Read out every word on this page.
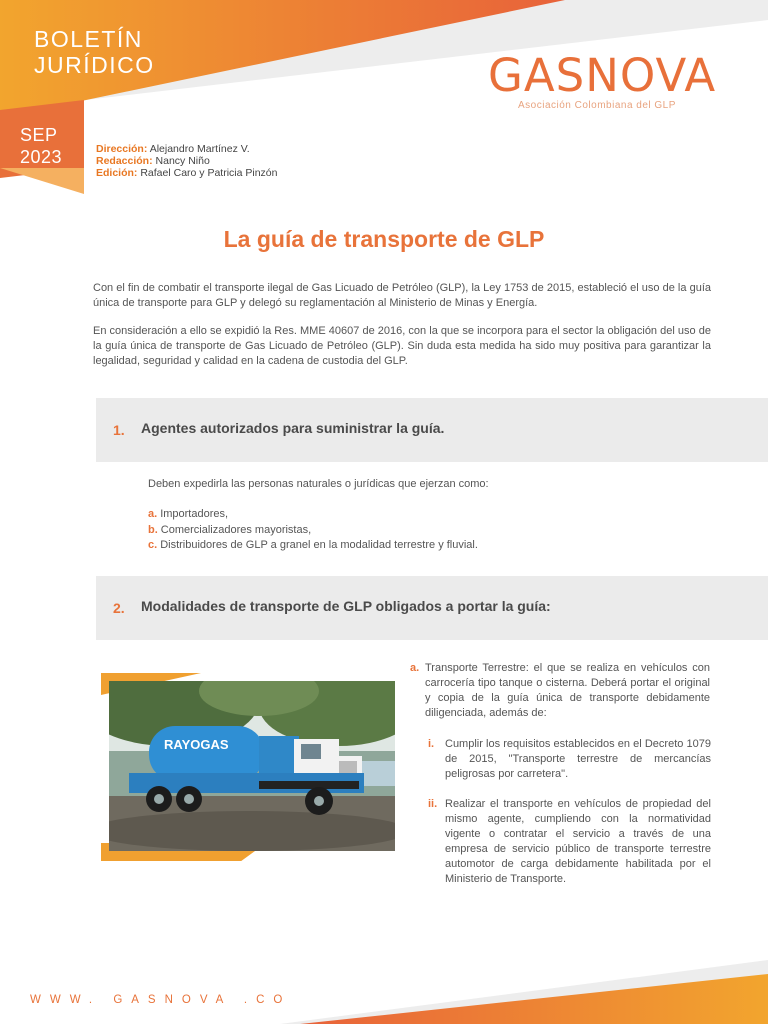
BOLETÍN
JURÍDICO
SEP
2023	Dirección: Alejandro Martínez V.
Redacción: Nancy Niño
Edición: Rafael Caro y Patricia Pinzón
GASNOVA
Asociación Colombiana del GLP
La guía de transporte de GLP

Con el fin de combatir el transporte ilegal de Gas Licuado de Petróleo (GLP), la Ley 1753 de 2015, estableció el uso de la guía única de transporte para GLP y delegó su reglamentación al Ministerio de Minas y Energía.

En consideración a ello se expidió la Res. MME 40607 de 2016, con la que se incorpora para el sector la obligación del uso de la guía única de transporte de Gas Licuado de Petróleo (GLP). Sin duda esta medida ha sido muy positiva para garantizar la legalidad, seguridad y calidad en la cadena de custodia del GLP.

1. Agentes autorizados para suministrar la guía.

Deben expedirla las personas naturales o jurídicas que ejerzan como:

a. Importadores,
b. Comercializadores mayoristas,
c. Distribuidores de GLP a granel en la modalidad terrestre y fluvial.
2. Modalidades de transporte de GLP obligados a portar la guía:
RAYOGAS
a. Transporte Terrestre: el que se realiza en vehículos con carrocería tipo tanque o cisterna. Deberá portar el original y copia de la guía única de transporte debidamente diligenciada, además de:
i. Cumplir los requisitos establecidos en el Decreto 1079 de 2015, "Transporte terrestre de mercancías peligrosas por carretera".
ii. Realizar el transporte en vehículos de propiedad del mismo agente, cumpliendo con la normatividad vigente o contratar el servicio a través de una empresa de servicio público de transporte terrestre automotor de carga debidamente habilitada por el Ministerio de Transporte.
WWW. GASNOVA .CO
